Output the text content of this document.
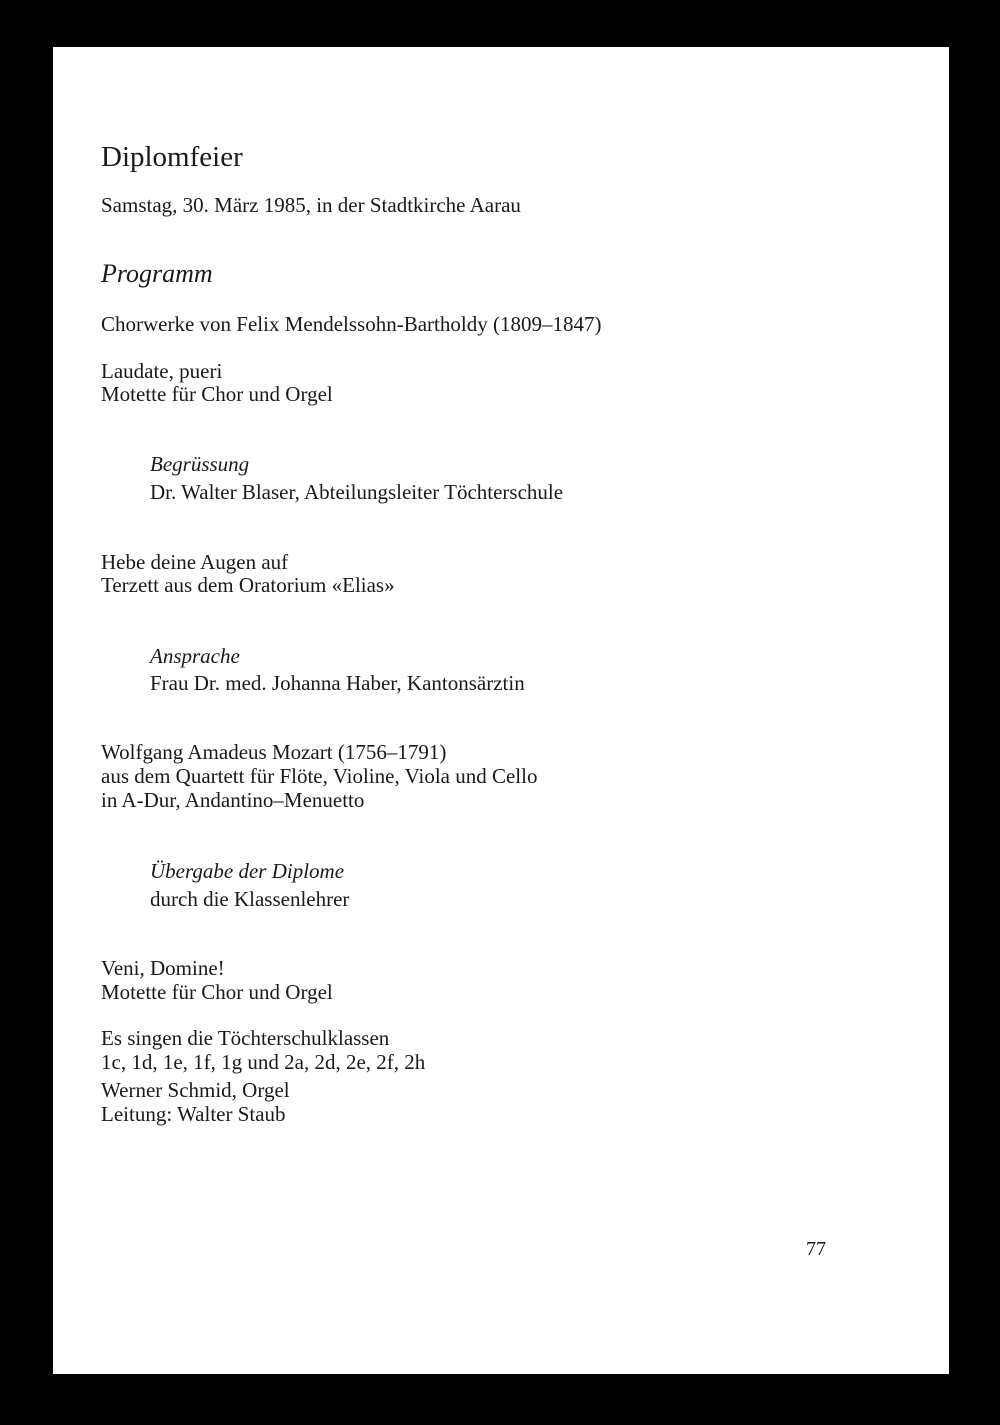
Diplomfeier
Samstag, 30. März 1985, in der Stadtkirche Aarau
Programm
Chorwerke von Felix Mendelssohn-Bartholdy (1809–1847)
Laudate, pueri
Motette für Chor und Orgel
Begrüssung
Dr. Walter Blaser, Abteilungsleiter Töchterschule
Hebe deine Augen auf
Terzett aus dem Oratorium «Elias»
Ansprache
Frau Dr. med. Johanna Haber, Kantonsärztin
Wolfgang Amadeus Mozart (1756–1791)
aus dem Quartett für Flöte, Violine, Viola und Cello
in A-Dur, Andantino–Menuetto
Übergabe der Diplome
durch die Klassenlehrer
Veni, Domine!
Motette für Chor und Orgel
Es singen die Töchterschulklassen
1c, 1d, 1e, 1f, 1g und 2a, 2d, 2e, 2f, 2h
Werner Schmid, Orgel
Leitung: Walter Staub
77
